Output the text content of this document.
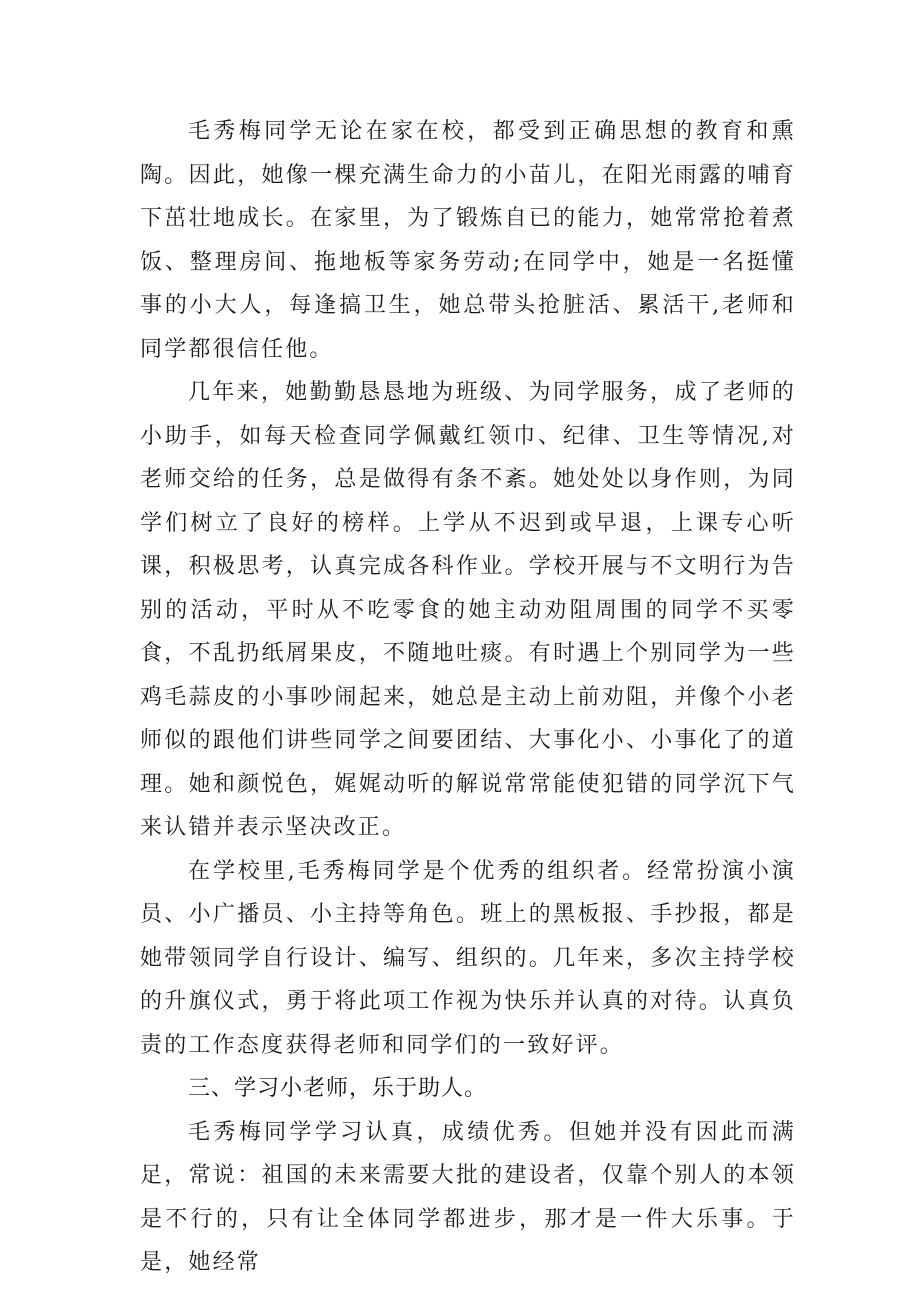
毛秀梅同学无论在家在校，都受到正确思想的教育和熏陶。因此，她像一棵充满生命力的小苗儿，在阳光雨露的哺育下茁壮地成长。在家里，为了锻炼自已的能力，她常常抢着煮饭、整理房间、拖地板等家务劳动;在同学中，她是一名挺懂事的小大人，每逢搞卫生，她总带头抢脏活、累活干,老师和同学都很信任他。

几年来，她勤勤恳恳地为班级、为同学服务，成了老师的小助手，如每天检查同学佩戴红领巾、纪律、卫生等情况,对老师交给的任务，总是做得有条不紊。她处处以身作则，为同学们树立了良好的榜样。上学从不迟到或早退，上课专心听课，积极思考，认真完成各科作业。学校开展与不文明行为告别的活动，平时从不吃零食的她主动劝阻周围的同学不买零食，不乱扔纸屑果皮，不随地吐痰。有时遇上个别同学为一些鸡毛蒜皮的小事吵闹起来，她总是主动上前劝阻，并像个小老师似的跟他们讲些同学之间要团结、大事化小、小事化了的道理。她和颜悦色，娓娓动听的解说常常能使犯错的同学沉下气来认错并表示坚决改正。

在学校里,毛秀梅同学是个优秀的组织者。经常扮演小演员、小广播员、小主持等角色。班上的黑板报、手抄报，都是她带领同学自行设计、编写、组织的。几年来，多次主持学校的升旗仪式，勇于将此项工作视为快乐并认真的对待。认真负责的工作态度获得老师和同学们的一致好评。

三、学习小老师，乐于助人。

毛秀梅同学学习认真，成绩优秀。但她并没有因此而满足，常说：祖国的未来需要大批的建设者，仅靠个别人的本领是不行的，只有让全体同学都进步，那才是一件大乐事。于是，她经常
